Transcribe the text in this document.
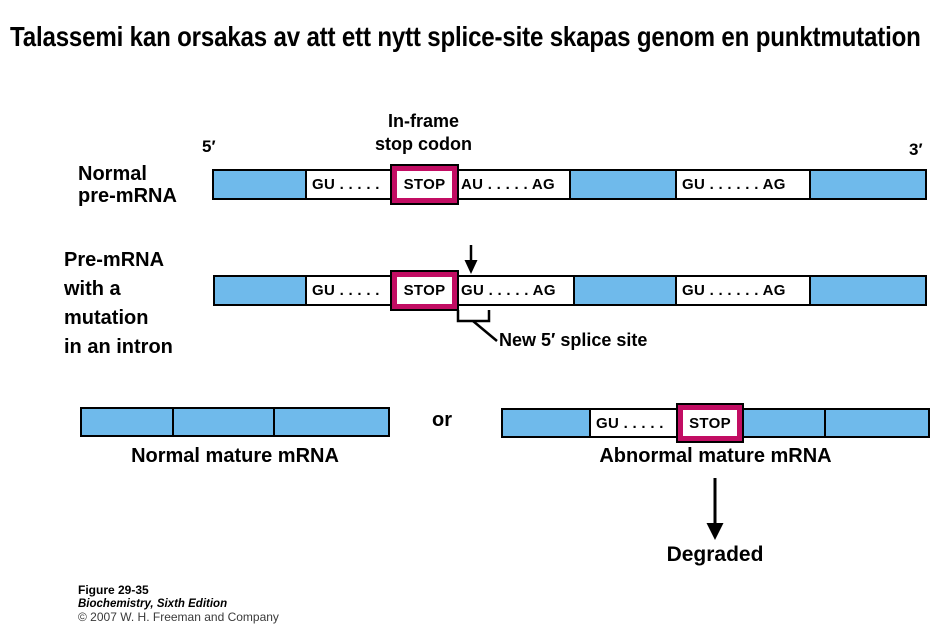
Talassemi kan orsakas av att ett nytt splice-site skapas genom en punktmutation
In-frame
stop codon
5′	3′
Normal
pre-mRNA
GU . . . . . STOP AU . . . . . AG	GU . . . . . . AG
Pre-mRNA
with a
mutation
in an intron
GU . . . . . STOP GU . . . . . AG	GU . . . . . . AG
New 5′ splice site
Normal mature mRNA
or	GU . . . . . STOP
Abnormal mature mRNA
Degraded
Figure 29-35
Biochemistry, Sixth Edition
© 2007 W. H. Freeman and Company
